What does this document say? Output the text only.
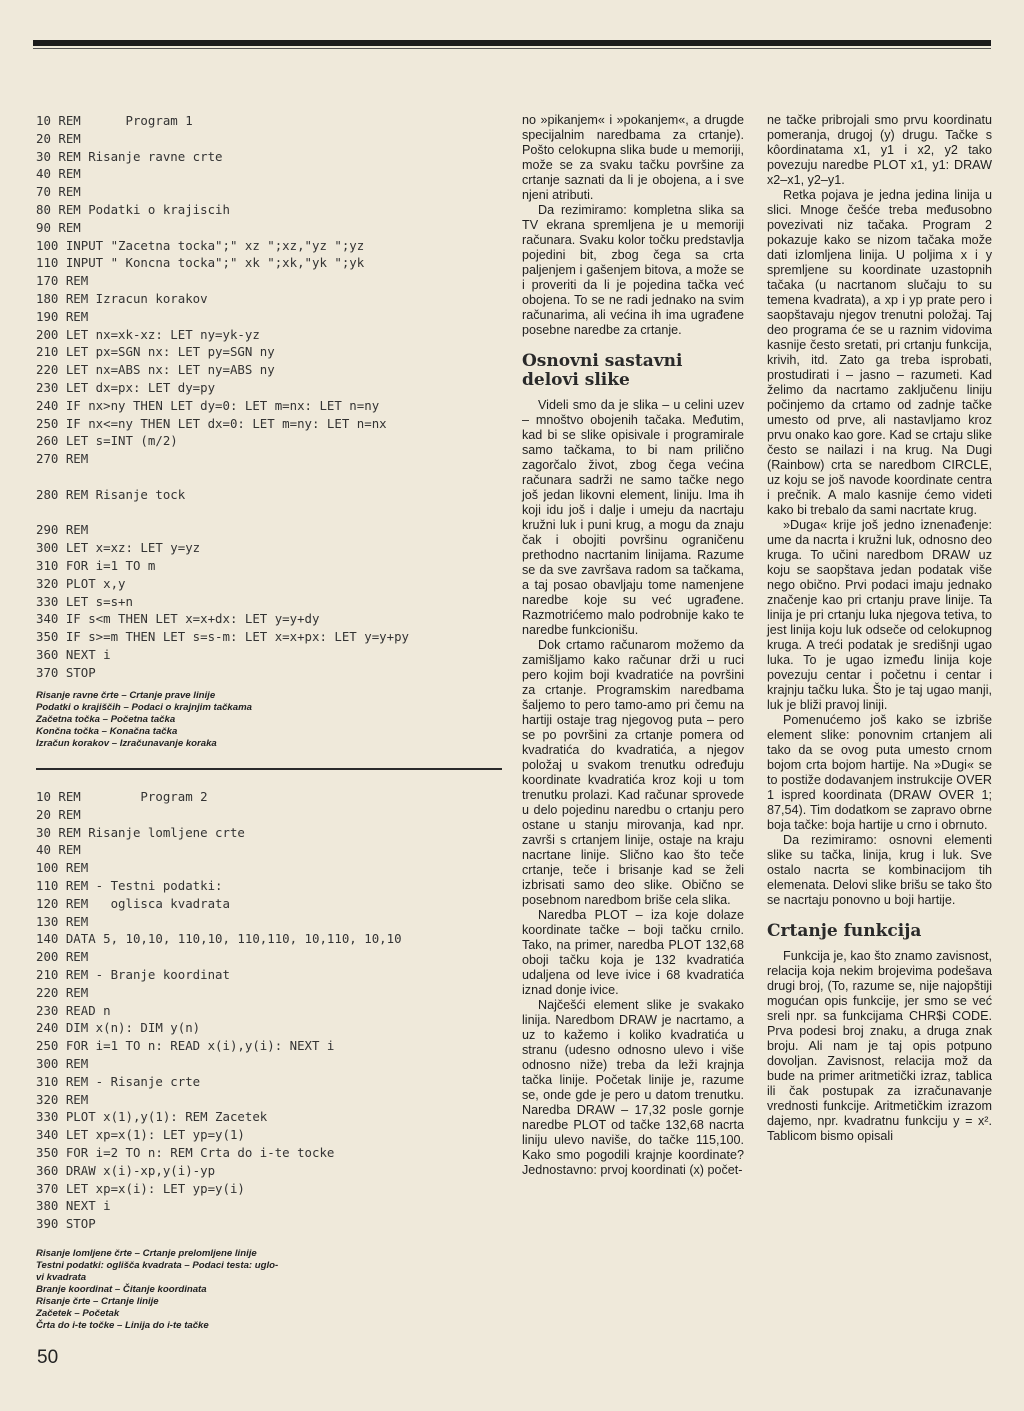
10 REM      Program 1
20 REM
30 REM Risanje ravne crte
40 REM
70 REM
80 REM Podatki o krajiscih
90 REM
100 INPUT "Zacetna tocka";" xz ";xz,"yz ";yz
110 INPUT " Koncna tocka";" xk ";xk,"yk ";yk
170 REM
180 REM Izracun korakov
190 REM
200 LET nx=xk-xz: LET ny=yk-yz
210 LET px=SGN nx: LET py=SGN ny
220 LET nx=ABS nx: LET ny=ABS ny
230 LET dx=px: LET dy=py
240 IF nx>ny THEN LET dy=0: LET m=nx: LET n=ny
250 IF nx<=ny THEN LET dx=0: LET m=ny: LET n=nx
260 LET s=INT (m/2)
270 REM
280 REM Risanje tock
290 REM
300 LET x=xz: LET y=yz
310 FOR i=1 TO m
320 PLOT x,y
330 LET s=s+n
340 IF s<m THEN LET x=x+dx: LET y=y+dy
350 IF s>=m THEN LET s=s-m: LET x=x+px: LET y=y+py
360 NEXT i
370 STOP
Risanje ravne črte – Crtanje prave linije
Podatki o krajiščih – Podaci o krajnjim tačkama
Začetna točka – Početna tačka
Končna točka – Konačna tačka
Izračun korakov – Izračunavanje koraka
10 REM        Program 2
20 REM
30 REM Risanje lomljene crte
40 REM
100 REM
110 REM - Testni podatki:
120 REM   oglisca kvadrata
130 REM
140 DATA 5, 10,10, 110,10, 110,110, 10,110, 10,10
200 REM
210 REM - Branje koordinat
220 REM
230 READ n
240 DIM x(n): DIM y(n)
250 FOR i=1 TO n: READ x(i),y(i): NEXT i
300 REM
310 REM - Risanje crte
320 REM
330 PLOT x(1),y(1): REM Zacetek
340 LET xp=x(1): LET yp=y(1)
350 FOR i=2 TO n: REM Crta do i-te tocke
360 DRAW x(i)-xp,y(i)-yp
370 LET xp=x(i): LET yp=y(i)
380 NEXT i
390 STOP
Risanje lomljene črte – Crtanje prelomljene linije
Testni podatki: oglišča kvadrata – Podaci testa: uglo-
vi kvadrata
Branje koordinat – Čitanje koordinata
Risanje črte – Crtanje linije
Začetek – Početak
Črta do i-te točke – Linija do i-te tačke

no »pikanjem« i »pokanjem«, a drugde specijalnim naredbama za crtanje). Pošto celokupna slika bude u memoriji, može se za svaku tačku površine za crtanje saznati da li je obojena, a i sve njeni atributi.

Da rezimiramo: kompletna slika sa TV ekrana spremljena je u memoriji računara. Svaku kolor točku predstavlja pojedini bit, zbog čega sa crta paljenjem i gašenjem bitova, a može se i proveriti da li je pojedina tačka već obojena. To se ne radi jednako na svim računarima, ali većina ih ima ugrađene posebne naredbe za crtanje.

Osnovni sastavni delovi slike

Videli smo da je slika – u celini uzev – mnoštvo obojenih tačaka. Međutim, kad bi se slike opisivale i programirale samo tačkama, to bi nam prilično zagorčalo život, zbog čega većina računara sadrži ne samo tačke nego još jedan likovni element, liniju. Ima ih koji idu još i dalje i umeju da nacrtaju kružni luk i puni krug, a mogu da znaju čak i obojiti površinu ograničenu prethodno nacrtanim linijama. Razume se da sve završava radom sa tačkama, a taj posao obavljaju tome namenjene naredbe koje su već ugrađene. Razmotrićemo malo podrobnije kako te naredbe funkcionišu.

Dok crtamo računarom možemo da zamišljamo kako računar drži u ruci pero kojim boji kvadratiće na površini za crtanje. Programskim naredbama šaljemo to pero tamo-amo pri čemu na hartiji ostaje trag njegovog puta – pero se po površini za crtanje pomera od kvadratića do kvadratića, a njegov položaj u svakom trenutku određuju koordinate kvadratića kroz koji u tom trenutku prolazi. Kad računar sprovede u delo pojedinu naredbu o crtanju pero ostane u stanju mirovanja, kad npr. završi s crtanjem linije, ostaje na kraju nacrtane linije. Slično kao što teče crtanje, teče i brisanje kad se želi izbrisati samo deo slike. Obično se posebnom naredbom briše cela slika.

Naredba PLOT – iza koje dolaze koordinate tačke – boji tačku crnilo. Tako, na primer, naredba PLOT 132,68 oboji tačku koja je 132 kvadratića udaljena od leve ivice i 68 kvadratića iznad donje ivice.

Najčešći element slike je svakako linija. Naredbom DRAW je nacrtamo, a uz to kažemo i koliko kvadratića u stranu (udesno odnosno ulevo i više odnosno niže) treba da leži krajnja tačka linije. Početak linije je, razume se, onde gde je pero u datom trenutku. Naredba DRAW – 17,32 posle gornje naredbe PLOT od tačke 132,68 nacrta liniju ulevo naviše, do tačke 115,100. Kako smo pogodili krajnje koordinate? Jednostavno: prvoj koordinati (x) počet-

ne tačke pribrojali smo prvu koordinatu pomeranja, drugoj (y) drugu. Tačke s kôordinatama x1, y1 i x2, y2 tako povezuju naredbe PLOT x1, y1: DRAW x2–x1, y2–y1.

Retka pojava je jedna jedina linija u slici. Mnoge češće treba međusobno povezivati niz tačaka. Program 2 pokazuje kako se nizom tačaka može dati izlomljena linija. U poljima x i y spremljene su koordinate uzastopnih tačaka (u nacrtanom slučaju to su temena kvadrata), a xp i yp prate pero i saopštavaju njegov trenutni položaj. Taj deo programa će se u raznim vidovima kasnije često sretati, pri crtanju funkcija, krivih, itd. Zato ga treba isprobati, prostudirati i – jasno – razumeti. Kad želimo da nacrtamo zaključenu liniju počinjemo da crtamo od zadnje tačke umesto od prve, ali nastavljamo kroz prvu onako kao gore. Kad se crtaju slike često se nailazi i na krug. Na Dugi (Rainbow) crta se naredbom CIRCLE, uz koju se još navode koordinate centra i prečnik. A malo kasnije ćemo videti kako bi trebalo da sami nacrtate krug.

»Duga« krije još jedno iznenađenje: ume da nacrta i kružni luk, odnosno deo kruga. To učini naredbom DRAW uz koju se saopštava jedan podatak više nego obično. Prvi podaci imaju jednako značenje kao pri crtanju prave linije. Ta linija je pri crtanju luka njegova tetiva, to jest linija koju luk odseče od celokupnog kruga. A treći podatak je središnji ugao luka. To je ugao između linija koje povezuju centar i početnu i centar i krajnju tačku luka. Što je taj ugao manji, luk je bliži pravoj liniji.

Pomenućemo još kako se izbriše element slike: ponovnim crtanjem ali tako da se ovog puta umesto crnom bojom crta bojom hartije. Na »Dugi« se to postiže dodavanjem instrukcije OVER 1 ispred koordinata (DRAW OVER 1; 87,54). Tim dodatkom se zapravo obrne boja tačke: boja hartije u crno i obrnuto.

Da rezimiramo: osnovni elementi slike su tačka, linija, krug i luk. Sve ostalo nacrta se kombinacijom tih elemenata. Delovi slike brišu se tako što se nacrtaju ponovno u boji hartije.

Crtanje funkcija

Funkcija je, kao što znamo zavisnost, relacija koja nekim brojevima podešava drugi broj, (To, razume se, nije najopštiji mogućan opis funkcije, jer smo se već sreli npr. sa funkcijama CHR$i CODE. Prva podesi broj znaku, a druga znak broju. Ali nam je taj opis potpuno dovoljan. Zavisnost, relacija mož da bude na primer aritmetički izraz, tablica ili čak postupak za izračunavanje vrednosti funkcije. Aritmetičkim izrazom dajemo, npr. kvadratnu funkciju y = x². Tablicom bismo opisali

50
